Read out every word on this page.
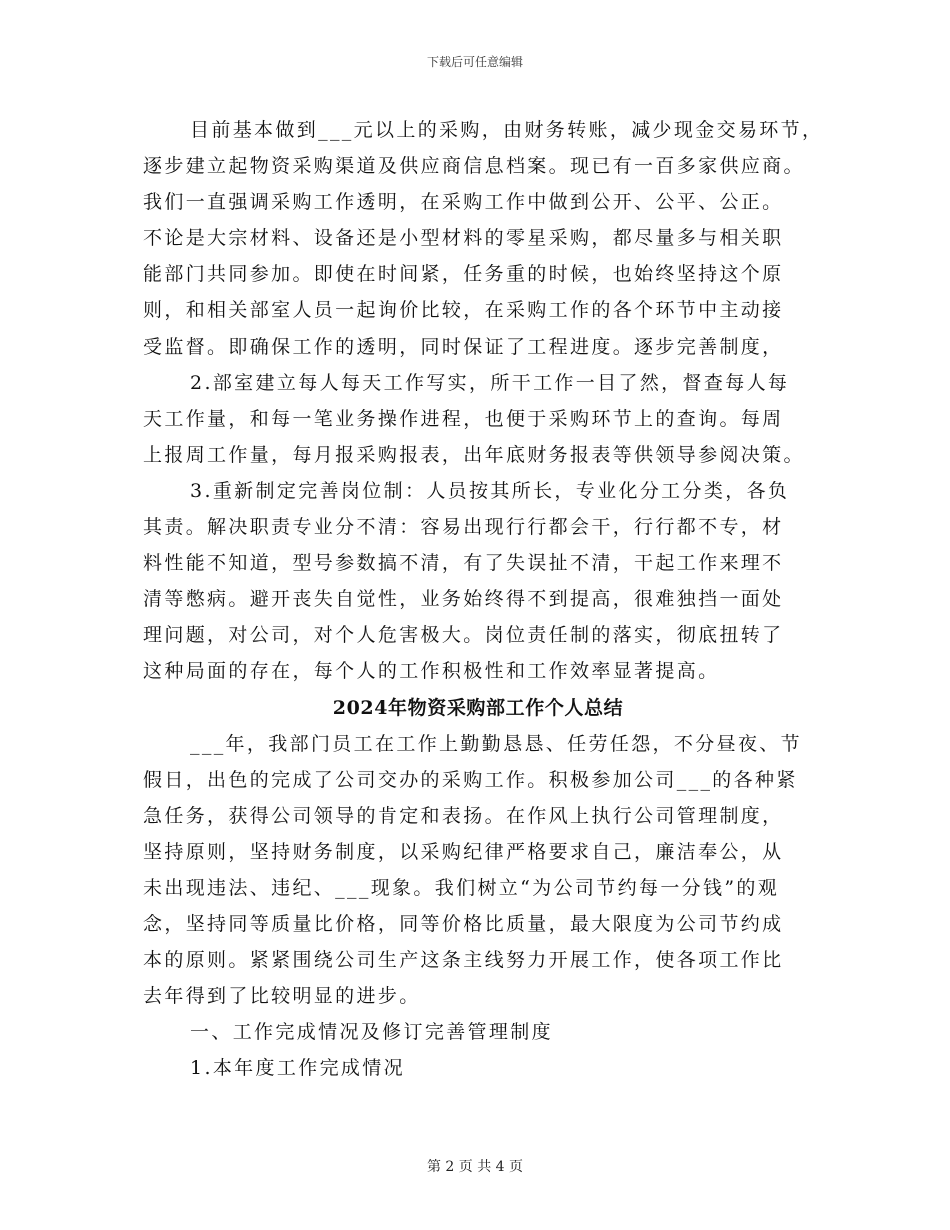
下载后可任意编辑
目前基本做到___元以上的采购，由财务转账，减少现金交易环节，
逐步建立起物资采购渠道及供应商信息档案。现已有一百多家供应商。
我们一直强调采购工作透明，在采购工作中做到公开、公平、公正。
不论是大宗材料、设备还是小型材料的零星采购，都尽量多与相关职
能部门共同参加。即使在时间紧，任务重的时候，也始终坚持这个原
则，和相关部室人员一起询价比较，在采购工作的各个环节中主动接
受监督。即确保工作的透明，同时保证了工程进度。逐步完善制度，
2.部室建立每人每天工作写实，所干工作一目了然，督查每人每
天工作量，和每一笔业务操作进程，也便于采购环节上的查询。每周
上报周工作量，每月报采购报表，出年底财务报表等供领导参阅决策。
3.重新制定完善岗位制：人员按其所长，专业化分工分类，各负
其责。解决职责专业分不清：容易出现行行都会干，行行都不专，材
料性能不知道，型号参数搞不清，有了失误扯不清，干起工作来理不
清等憋病。避开丧失自觉性，业务始终得不到提高，很难独挡一面处
理问题，对公司，对个人危害极大。岗位责任制的落实，彻底扭转了
这种局面的存在，每个人的工作积极性和工作效率显著提高。
2024年物资采购部工作个人总结
___年，我部门员工在工作上勤勤恳恳、任劳任怨，不分昼夜、节
假日，出色的完成了公司交办的采购工作。积极参加公司___的各种紧
急任务，获得公司领导的肯定和表扬。在作风上执行公司管理制度，
坚持原则，坚持财务制度，以采购纪律严格要求自己，廉洁奉公，从
未出现违法、违纪、___现象。我们树立“为公司节约每一分钱”的观
念，坚持同等质量比价格，同等价格比质量，最大限度为公司节约成
本的原则。紧紧围绕公司生产这条主线努力开展工作，使各项工作比
去年得到了比较明显的进步。
一、工作完成情况及修订完善管理制度
1.本年度工作完成情况
第 2 页 共 4 页
